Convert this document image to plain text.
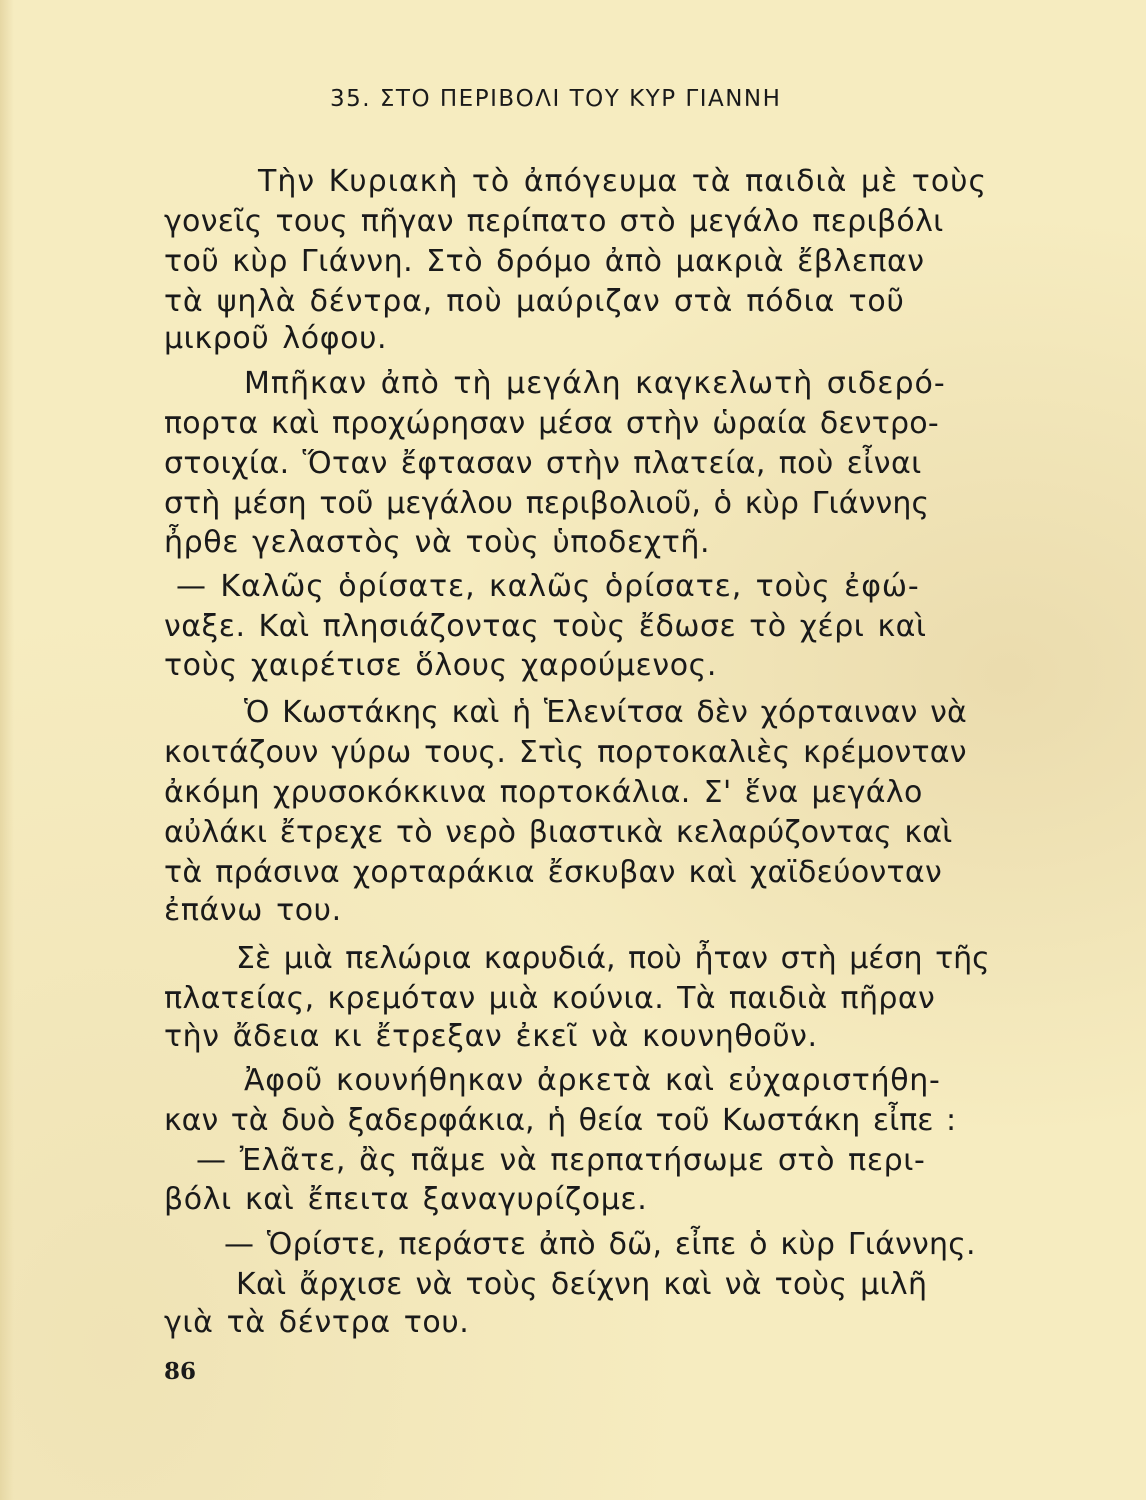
35. ΣΤΟ ΠΕΡΙΒΟΛΙ ΤΟΥ ΚΥΡ ΓΙΑΝΝΗ
Τὴν Κυριακὴ τὸ ἀπόγευμα τὰ παιδιὰ μὲ τοὺς
γονεῖς τους πῆγαν περίπατο στὸ μεγάλο περιβόλι
τοῦ κὺρ Γιάννη. Στὸ δρόμο ἀπὸ μακριὰ ἔβλεπαν
τὰ ψηλὰ δέντρα, ποὺ μαύριζαν στὰ πόδια τοῦ
μικροῦ λόφου.
Μπῆκαν ἀπὸ τὴ μεγάλη καγκελωτὴ σιδερό-
πορτα καὶ προχώρησαν μέσα στὴν ὡραία δεντρο-
στοιχία. Ὅταν ἔφτασαν στὴν πλατεία, ποὺ εἶναι
στὴ μέση τοῦ μεγάλου περιβολιοῦ, ὁ κὺρ Γιάννης
ἦρθε γελαστὸς νὰ τοὺς ὑποδεχτῆ.
— Καλῶς ὁρίσατε, καλῶς ὁρίσατε, τοὺς ἐφώ-
ναξε. Καὶ πλησιάζοντας τοὺς ἔδωσε τὸ χέρι καὶ
τοὺς χαιρέτισε ὅλους χαρούμενος.
Ὁ Κωστάκης καὶ ἡ Ἑλενίτσα δὲν χόρταιναν νὰ
κοιτάζουν γύρω τους. Στὶς πορτοκαλιὲς κρέμονταν
ἀκόμη χρυσοκόκκινα πορτοκάλια. Σ' ἕνα μεγάλο
αὐλάκι ἔτρεχε τὸ νερὸ βιαστικὰ κελαρύζοντας καὶ
τὰ πράσινα χορταράκια ἔσκυβαν καὶ χαϊδεύονταν
ἐπάνω του.
Σὲ μιὰ πελώρια καρυδιά, ποὺ ἦταν στὴ μέση τῆς
πλατείας, κρεμόταν μιὰ κούνια. Τὰ παιδιὰ πῆραν
τὴν ἄδεια κι ἔτρεξαν ἐκεῖ νὰ κουνηθοῦν.
Ἀφοῦ κουνήθηκαν ἀρκετὰ καὶ εὐχαριστήθη-
καν τὰ δυὸ ξαδερφάκια, ἡ θεία τοῦ Κωστάκη εἶπε :
— Ἐλᾶτε, ἂς πᾶμε νὰ περπατήσωμε στὸ περι-
βόλι καὶ ἔπειτα ξαναγυρίζομε.
— Ὁρίστε, περάστε ἀπὸ δῶ, εἶπε ὁ κὺρ Γιάννης.
Καὶ ἄρχισε νὰ τοὺς δείχνη καὶ νὰ τοὺς μιλῆ
γιὰ τὰ δέντρα του.
86
